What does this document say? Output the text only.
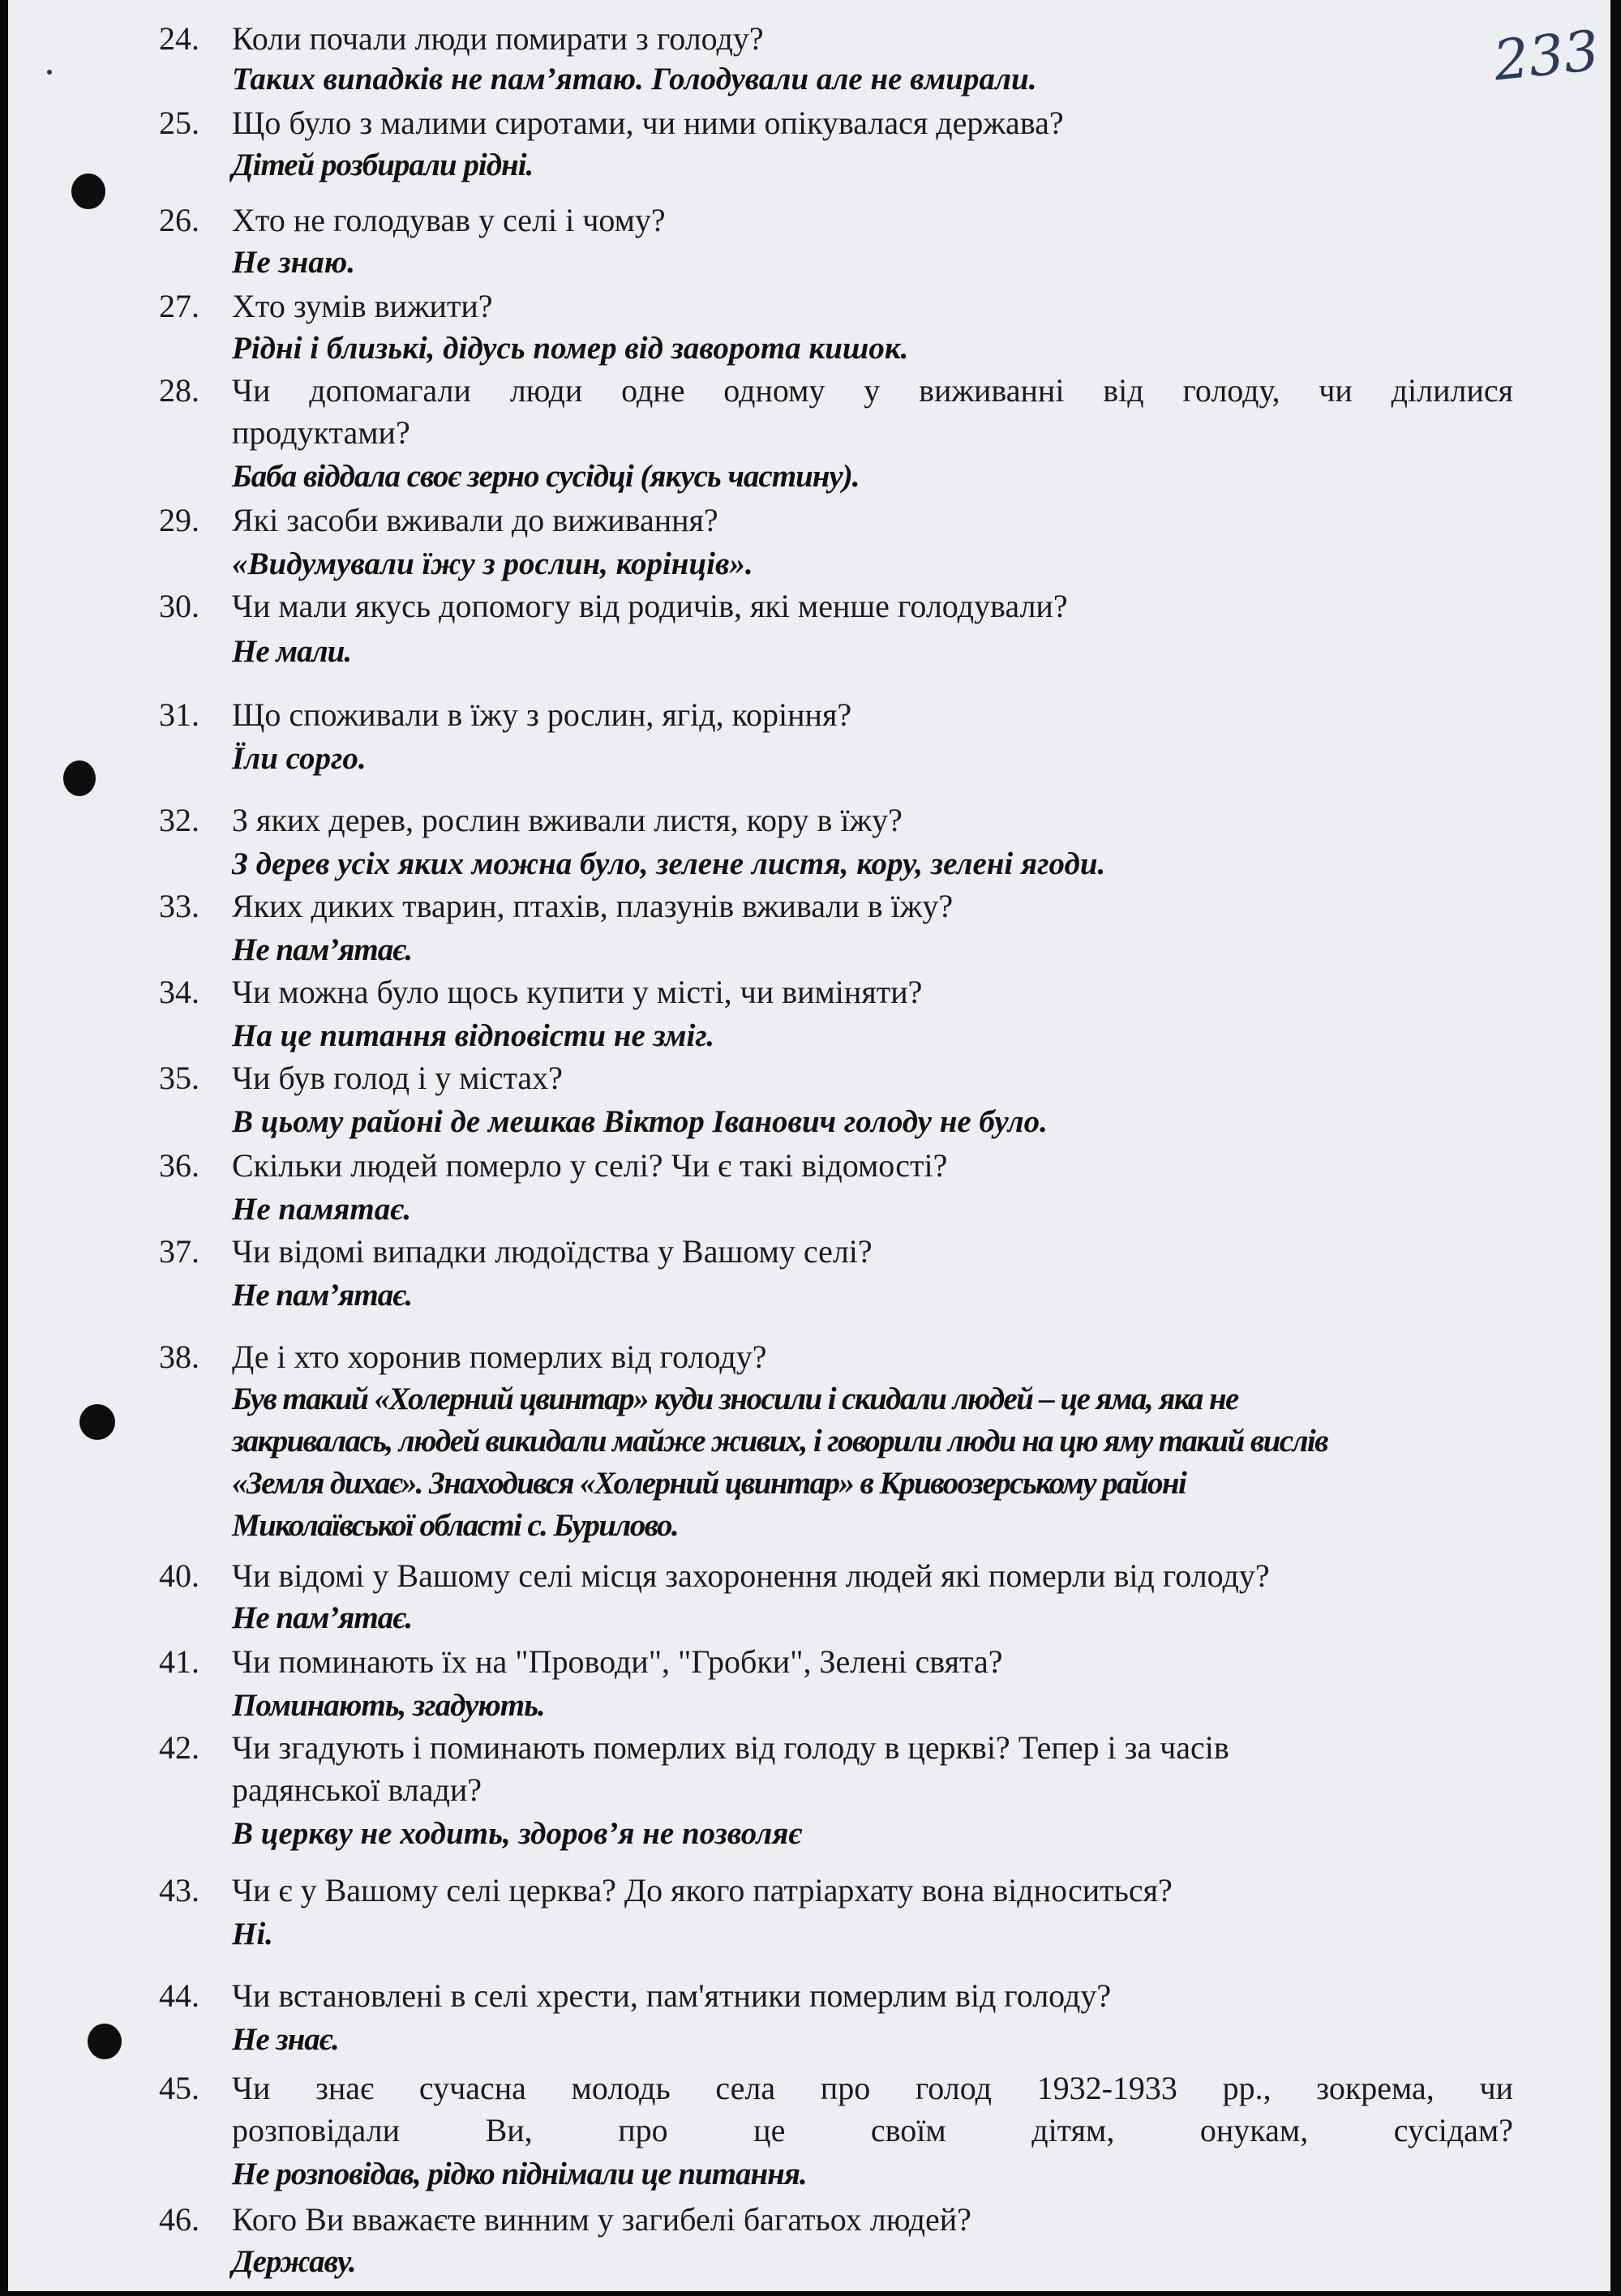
233
24. Коли почали люди помирати з голоду?
Таких випадків не пам’ятаю. Голодували але не вмирали.
25. Що було з малими сиротами, чи ними опікувалася держава?
Дітей розбирали рідні.
26. Хто не голодував у селі і чому?
Не знаю.
27. Хто зумів вижити?
Рідні і близькі, дідусь помер від заворота кишок.
28. Чи допомагали люди одне одному у виживанні від голоду, чи ділилися
продуктами?
Баба віддала своє зерно сусідці (якусь частину).
29. Які засоби вживали до виживання?
«Видумували їжу з рослин, корінців».
30. Чи мали якусь допомогу від родичів, які менше голодували?
Не мали.
31. Що споживали в їжу з рослин, ягід, коріння?
Їли сорго.
32. З яких дерев, рослин вживали листя, кору в їжу?
З дерев усіх яких можна було, зелене листя, кору, зелені ягоди.
33. Яких диких тварин, птахів, плазунів вживали в їжу?
Не пам’ятає.
34. Чи можна було щось купити у місті, чи виміняти?
На це питання відповісти не зміг.
35. Чи був голод і у містах?
В цьому районі де мешкав Віктор Іванович голоду не було.
36. Скільки людей померло у селі? Чи є такі відомості?
Не памятає.
37. Чи відомі випадки людоїдства у Вашому селі?
Не пам’ятає.
38. Де і хто хоронив померлих від голоду?
Був такий «Холерний цвинтар» куди зносили і скидали людей – це яма, яка не
закривалась, людей викидали майже живих, і говорили люди на цю яму такий вислів
«Земля дихає». Знаходився «Холерний цвинтар» в Кривоозерському районі
Миколаївської області с. Бурилово.
40. Чи відомі у Вашому селі місця захоронення людей які померли від голоду?
Не пам’ятає.
41. Чи поминають їх на "Проводи", "Гробки", Зелені свята?
Поминають, згадують.
42. Чи згадують і поминають померлих від голоду в церкві? Тепер і за часів
радянської влади?
В церкву не ходить, здоров’я не позволяє
43. Чи є у Вашому селі церква? До якого патріархату вона відноситься?
Ні.
44. Чи встановлені в селі хрести, пам'ятники померлим від голоду?
Не знає.
45. Чи знає сучасна молодь села про голод 1932-1933 рр., зокрема, чи
розповідали Ви, про це своїм дітям, онукам, сусідам?
Не розповідав, рідко піднімали це питання.
46. Кого Ви вважаєте винним у загибелі багатьох людей?
Державу.
